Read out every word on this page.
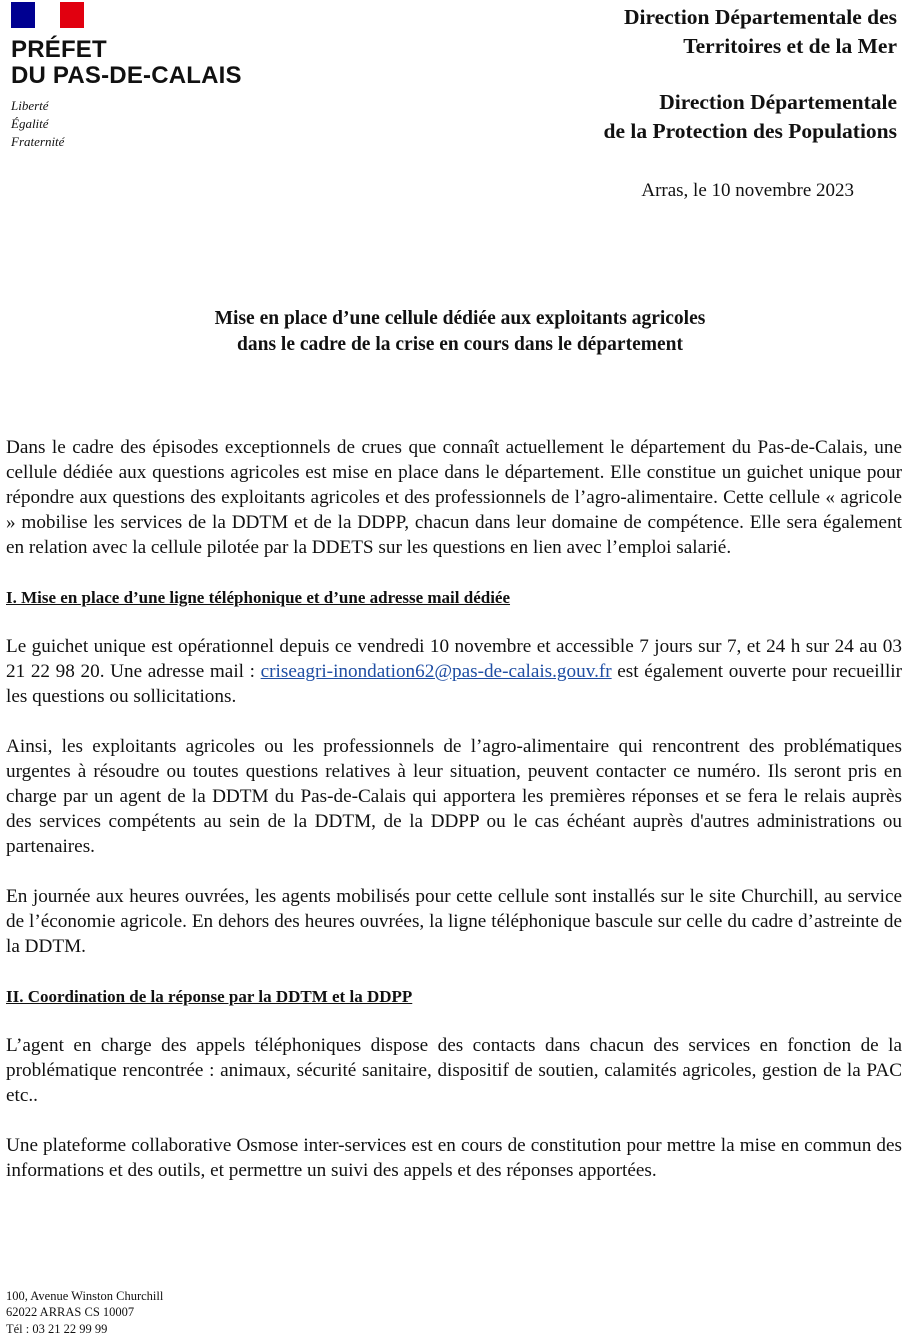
PRÉFET
DU PAS-DE-CALAIS
Liberté
Égalité
Fraternité
Direction Départementale des
Territoires et de la Mer
Direction Départementale
de la Protection des Populations
Arras, le 10 novembre 2023
Mise en place d’une cellule dédiée aux exploitants agricoles
dans le cadre de la crise en cours dans le département

Dans le cadre des épisodes exceptionnels de crues que connaît actuellement le département du Pas-de-Calais, une cellule dédiée aux questions agricoles est mise en place dans le département. Elle constitue un guichet unique pour répondre aux questions des exploitants agricoles et des professionnels de l’agro-alimentaire. Cette cellule « agricole » mobilise les services de la DDTM et de la DDPP, chacun dans leur domaine de compétence. Elle sera également en relation avec la cellule pilotée par la DDETS sur les questions en lien avec l’emploi salarié.

I. Mise en place d’une ligne téléphonique et d’une adresse mail dédiée

Le guichet unique est opérationnel depuis ce vendredi 10 novembre et accessible 7 jours sur 7, et 24 h sur 24 au 03 21 22 98 20. Une adresse mail : criseagri-inondation62@pas-de-calais.gouv.fr est également ouverte pour recueillir les questions ou sollicitations.

Ainsi, les exploitants agricoles ou les professionnels de l’agro-alimentaire qui rencontrent des problématiques urgentes à résoudre ou toutes questions relatives à leur situation, peuvent contacter ce numéro. Ils seront pris en charge par un agent de la DDTM du Pas-de-Calais qui apportera les premières réponses et se fera le relais auprès des services compétents au sein de la DDTM, de la DDPP ou le cas échéant auprès d'autres administrations ou partenaires.

En journée aux heures ouvrées, les agents mobilisés pour cette cellule sont installés sur le site Churchill, au service de l’économie agricole. En dehors des heures ouvrées, la ligne téléphonique bascule sur celle du cadre d’astreinte de la DDTM.

II. Coordination de la réponse par la DDTM et la DDPP

L’agent en charge des appels téléphoniques dispose des contacts dans chacun des services en fonction de la problématique rencontrée : animaux, sécurité sanitaire, dispositif de soutien, calamités agricoles, gestion de la PAC etc..

Une plateforme collaborative Osmose inter-services est en cours de constitution pour mettre la mise en commun des informations et des outils, et permettre un suivi des appels et des réponses apportées.

100, Avenue Winston Churchill
62022 ARRAS CS 10007
Tél : 03 21 22 99 99
